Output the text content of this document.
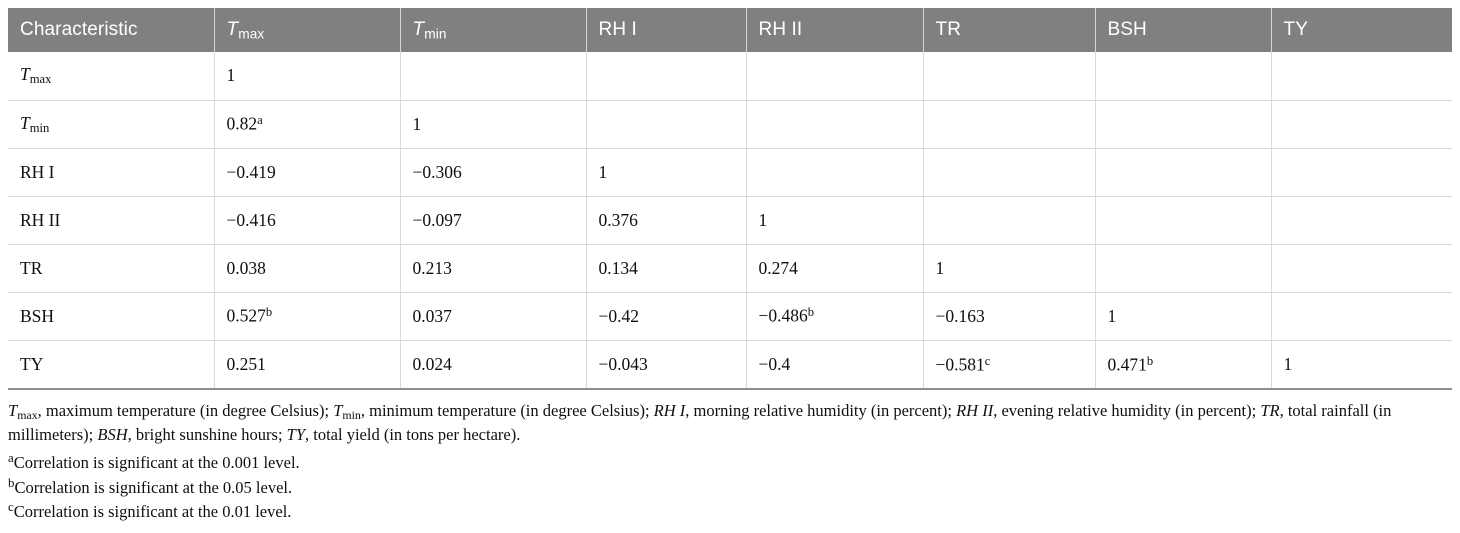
Characteristic	$T_{max}$	$T_{min}$	RH I	RH II	TR	BSH	TY
$T_{max}$	1						
$T_{min}$	0.82$^a$	1					
RH I	−0.419	−0.306	1				
RH II	−0.416	−0.097	0.376	1			
TR	0.038	0.213	0.134	0.274	1		
BSH	0.527$^b$	0.037	−0.42	−0.486$^b$	−0.163	1	
TY	0.251	0.024	−0.043	−0.4	−0.581$^c$	0.471$^b$	1

$T_{max}$, maximum temperature (in degree Celsius); $T_{min}$, minimum temperature (in degree Celsius); RH I, morning relative humidity (in percent); RH II, evening relative humidity (in percent); TR, total rainfall (in millimeters); BSH, bright sunshine hours; TY, total yield (in tons per hectare).

$^a$Correlation is significant at the 0.001 level.

$^b$Correlation is significant at the 0.05 level.

$^c$Correlation is significant at the 0.01 level.
